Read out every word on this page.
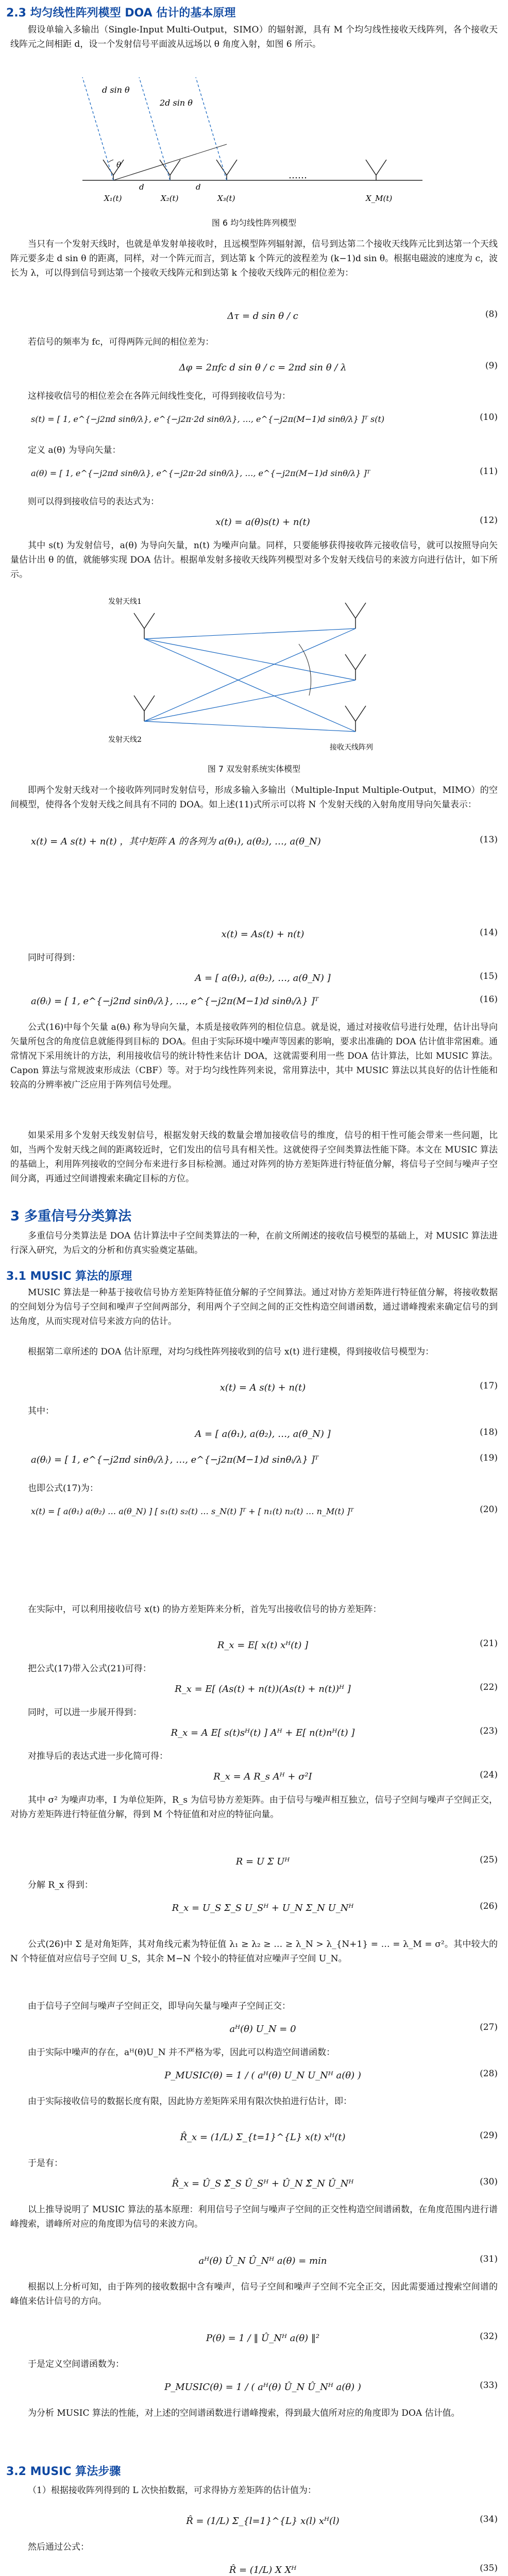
2.3 均匀线性阵列模型 DOA 估计的基本原理
假设单输入多输出（Single-Input Multi-Output，SIMO）的辐射源，具有 M 个均匀线性接收天线阵列，各个接收天线阵元之间相距 d，设一个发射信号平面波从远场以 θ 角度入射，如图 6 所示。
d sin θ
2d sin θ
θ
d	d
……
X₁(t)	X₂(t)	X₃(t)	X_M(t)
图 6 均匀线性阵列模型
当只有一个发射天线时，也就是单发射单接收时，且远模型阵列辐射源，信号到达第二个接收天线阵元比到达第一个天线阵元要多走 d sin θ 的距离，同样，对一个阵元而言，到达第 k 个阵元的波程差为 (k−1)d sin θ。根据电磁波的速度为 c，波长为 λ，可以得到信号到达第一个接收天线阵元和到达第 k 个接收天线阵元的相位差为：
Δτ = d sin θ / c	(8)
若信号的频率为 fc，可得两阵元间的相位差为：
Δφ = 2πfc d sin θ / c = 2πd sin θ / λ	(9)
这样接收信号的相位差会在各阵元间线性变化，可得到接收信号为：
s(t) = [ 1, e^{−j2πd sinθ/λ}, e^{−j2π·2d sinθ/λ}, …, e^{−j2π(M−1)d sinθ/λ} ]ᵀ s(t)	(10)
定义 a(θ) 为导向矢量：
a(θ) = [ 1, e^{−j2πd sinθ/λ}, e^{−j2π·2d sinθ/λ}, …, e^{−j2π(M−1)d sinθ/λ} ]ᵀ	(11)
则可以得到接收信号的表达式为：
x(t) = a(θ)s(t) + n(t)	(12)
其中 s(t) 为发射信号，a(θ) 为导向矢量，n(t) 为噪声向量。同样，只要能够获得接收阵元接收信号，就可以按照导向矢量估计出 θ 的值，就能够实现 DOA 估计。根据单发射多接收天线阵列模型对多个发射天线信号的来波方向进行估计，如下所示。
发射天线1
发射天线2
接收天线阵列
图 7 双发射系统实体模型
即两个发射天线对一个接收阵列同时发射信号，形成多输入多输出（Multiple-Input Multiple-Output，MIMO）的空间模型，使得各个发射天线之间具有不同的 DOA。如上述(11)式所示可以将 N 个发射天线的入射角度用导向矢量表示：
x(t) = A s(t) + n(t) ，其中矩阵 A 的各列为 a(θ₁), a(θ₂), …, a(θ_N)	(13)
x(t) = As(t) + n(t)	(14)
同时可得到：
A = [ a(θ₁), a(θ₂), …, a(θ_N) ]	(15)
a(θᵢ) = [ 1, e^{−j2πd sinθᵢ/λ}, …, e^{−j2π(M−1)d sinθᵢ/λ} ]ᵀ	(16)
公式(16)中每个矢量 a(θᵢ) 称为导向矢量，本质是接收阵列的相位信息。就是说，通过对接收信号进行处理，估计出导向矢量所包含的角度信息就能得到目标的 DOA。但由于实际环境中噪声等因素的影响，要求出准确的 DOA 估计值非常困难。通常情况下采用统计的方法，利用接收信号的统计特性来估计 DOA，这就需要利用一些 DOA 估计算法，比如 MUSIC 算法。Capon 算法与常规波束形成法（CBF）等。对于均匀线性阵列来说，常用算法中，其中 MUSIC 算法以其良好的估计性能和较高的分辨率被广泛应用于阵列信号处理。
如果采用多个发射天线发射信号，根据发射天线的数量会增加接收信号的维度，信号的相干性可能会带来一些问题，比如，当两个发射天线之间的距离较近时，它们发出的信号具有相关性。这就使得子空间类算法性能下降。本文在 MUSIC 算法的基础上，利用阵列接收的空间分布来进行多目标检测。通过对阵列的协方差矩阵进行特征值分解，将信号子空间与噪声子空间分离，再通过空间谱搜索来确定目标的方位。
3 多重信号分类算法
多重信号分类算法是 DOA 估计算法中子空间类算法的一种，在前文所阐述的接收信号模型的基础上，对 MUSIC 算法进行深入研究，为后文的分析和仿真实验奠定基础。
3.1 MUSIC 算法的原理
MUSIC 算法是一种基于接收信号协方差矩阵特征值分解的子空间算法。通过对协方差矩阵进行特征值分解，将接收数据的空间划分为信号子空间和噪声子空间两部分，利用两个子空间之间的正交性构造空间谱函数，通过谱峰搜索来确定信号的到达角度，从而实现对信号来波方向的估计。
根据第二章所述的 DOA 估计原理，对均匀线性阵列接收到的信号 x(t) 进行建模，得到接收信号模型为：
x(t) = A s(t) + n(t)	(17)
其中：
A = [ a(θ₁), a(θ₂), …, a(θ_N) ]	(18)
a(θᵢ) = [ 1, e^{−j2πd sinθᵢ/λ}, …, e^{−j2π(M−1)d sinθᵢ/λ} ]ᵀ	(19)
也即公式(17)为：
x(t) = [ a(θ₁) a(θ₂) … a(θ_N) ] [ s₁(t) s₂(t) … s_N(t) ]ᵀ + [ n₁(t) n₂(t) … n_M(t) ]ᵀ	(20)
在实际中，可以利用接收信号 x(t) 的协方差矩阵来分析，首先写出接收信号的协方差矩阵：
R_x = E[ x(t) xᴴ(t) ]	(21)
把公式(17)带入公式(21)可得：
R_x = E[ (As(t) + n(t))(As(t) + n(t))ᴴ ]	(22)
同时，可以进一步展开得到：
R_x = A E[ s(t)sᴴ(t) ] Aᴴ + E[ n(t)nᴴ(t) ]	(23)
对推导后的表达式进一步化简可得：
R_x = A R_s Aᴴ + σ²I	(24)
其中 σ² 为噪声功率，I 为单位矩阵，R_s 为信号协方差矩阵。由于信号与噪声相互独立，信号子空间与噪声子空间正交，对协方差矩阵进行特征值分解，得到 M 个特征值和对应的特征向量。
R = U Σ Uᴴ	(25)
分解 R_x 得到：
R_x = U_S Σ_S U_Sᴴ + U_N Σ_N U_Nᴴ	(26)
公式(26)中 Σ 是对角矩阵，其对角线元素为特征值 λ₁ ≥ λ₂ ≥ … ≥ λ_N > λ_{N+1} = … = λ_M = σ²。其中较大的 N 个特征值对应信号子空间 U_S，其余 M−N 个较小的特征值对应噪声子空间 U_N。
由于信号子空间与噪声子空间正交，即导向矢量与噪声子空间正交：
aᴴ(θ) U_N = 0	(27)
由于实际中噪声的存在，aᴴ(θ)U_N 并不严格为零，因此可以构造空间谱函数：
P_MUSIC(θ) = 1 / ( aᴴ(θ) U_N U_Nᴴ a(θ) )	(28)
由于实际接收信号的数据长度有限，因此协方差矩阵采用有限次快拍进行估计，即：
R̂_x = (1/L) Σ_{t=1}^{L} x(t) xᴴ(t)	(29)
于是有：
R̂_x = Û_S Σ̂_S Û_Sᴴ + Û_N Σ̂_N Û_Nᴴ	(30)
以上推导说明了 MUSIC 算法的基本原理：利用信号子空间与噪声子空间的正交性构造空间谱函数，在角度范围内进行谱峰搜索，谱峰所对应的角度即为信号的来波方向。
aᴴ(θ) Û_N Û_Nᴴ a(θ) = min	(31)
根据以上分析可知，由于阵列的接收数据中含有噪声，信号子空间和噪声子空间不完全正交，因此需要通过搜索空间谱的峰值来估计信号的方向。
P(θ) = 1 / ‖ Û_Nᴴ a(θ) ‖²	(32)
于是定义空间谱函数为：
P_MUSIC(θ) = 1 / ( aᴴ(θ) Û_N Û_Nᴴ a(θ) )	(33)
为分析 MUSIC 算法的性能，对上述的空间谱函数进行谱峰搜索，得到最大值所对应的角度即为 DOA 估计值。
3.2 MUSIC 算法步骤
（1）根据接收阵列得到的 L 次快拍数据，可求得协方差矩阵的估计值为：
R̂ = (1/L) Σ_{l=1}^{L} x(l) xᴴ(l)	(34)
然后通过公式：
R̂ = (1/L) X Xᴴ	(35)
